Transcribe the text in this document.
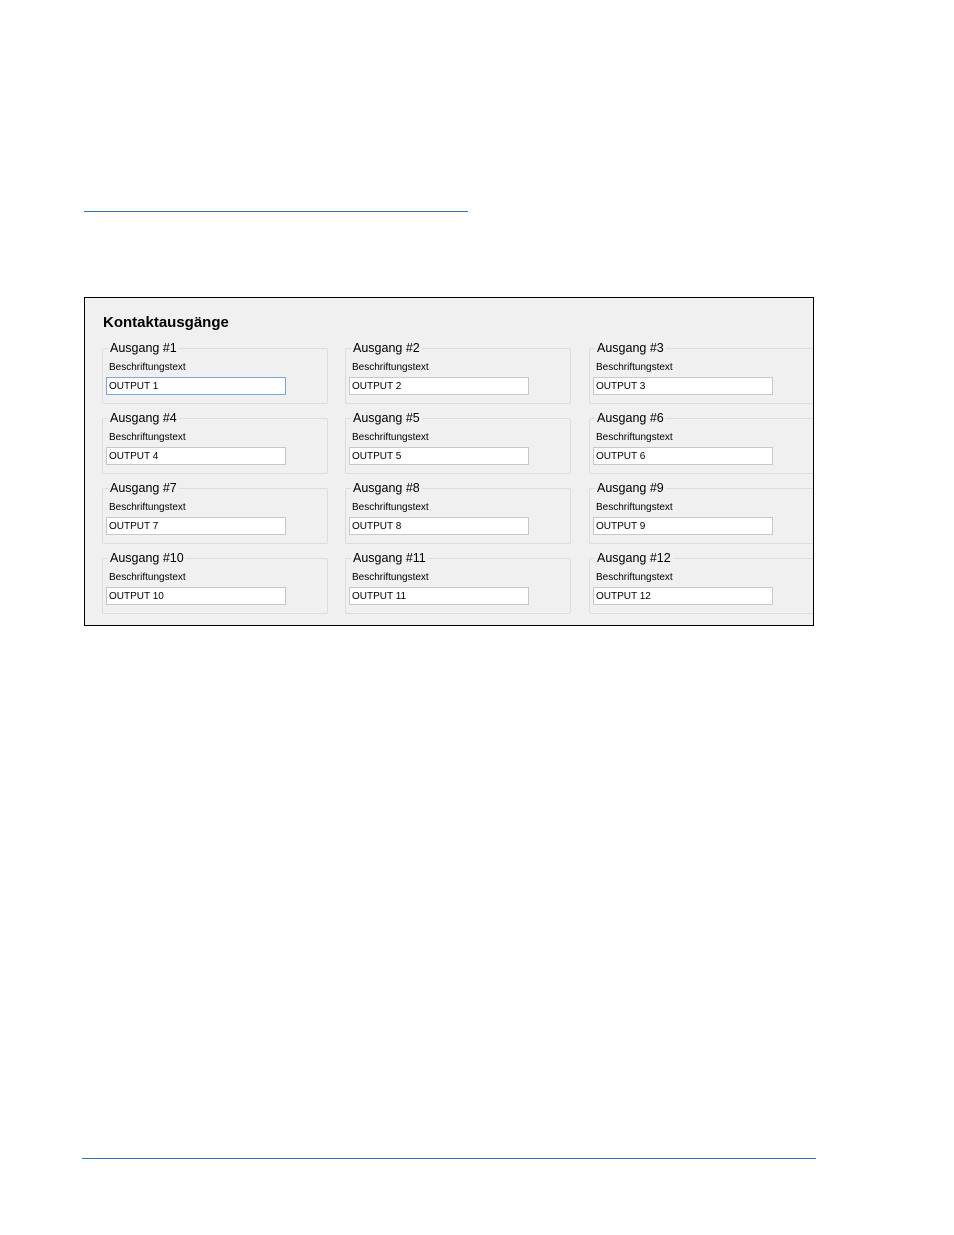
Kontaktausgänge
Ausgang #1
Beschriftungstext
OUTPUT 1
Ausgang #2
Beschriftungstext
OUTPUT 2
Ausgang #3
Beschriftungstext
OUTPUT 3
Ausgang #4
Beschriftungstext
OUTPUT 4
Ausgang #5
Beschriftungstext
OUTPUT 5
Ausgang #6
Beschriftungstext
OUTPUT 6
Ausgang #7
Beschriftungstext
OUTPUT 7
Ausgang #8
Beschriftungstext
OUTPUT 8
Ausgang #9
Beschriftungstext
OUTPUT 9
Ausgang #10
Beschriftungstext
OUTPUT 10
Ausgang #11
Beschriftungstext
OUTPUT 11
Ausgang #12
Beschriftungstext
OUTPUT 12
